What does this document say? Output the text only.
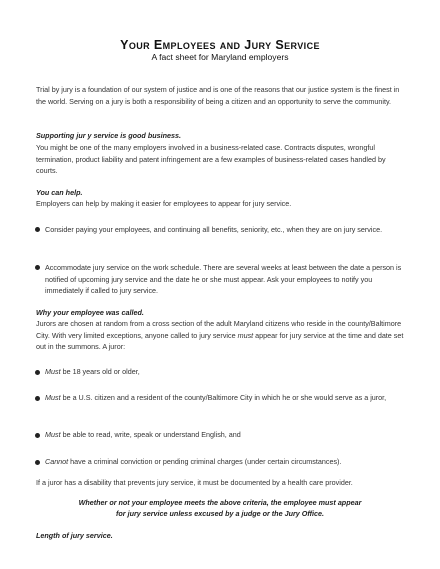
Your Employees and Jury Service
A fact sheet for Maryland employers

Trial by jury is a foundation of our system of justice and is one of the reasons that our justice system is the finest in the world. Serving on a jury is both a responsibility of being a citizen and an opportunity to serve the community.

Supporting jur y service is good business.

You might be one of the many employers involved in a business-related case. Contracts disputes, wrongful termination, product liability and patent infringement are a few examples of business-related cases handled by courts.

You can help.

Employers can help by making it easier for employees to appear for jury service.

Consider paying your employees, and continuing all benefits, seniority, etc., when they are on jury service.

Accommodate jury service on the work schedule. There are several weeks at least between the date a person is notified of upcoming jury service and the date he or she must appear. Ask your employees to notify you immediately if called to jury service.

Why your employee was called.

Jurors are chosen at random from a cross section of the adult Maryland citizens who reside in the county/Baltimore City. With very limited exceptions, anyone called to jury service must appear for jury service at the time and date set out in the summons. A juror:

Must be 18 years old or older,

Must be a U.S. citizen and a resident of the county/Baltimore City in which he or she would serve as a juror,

Must be able to read, write, speak or understand English, and

Cannot have a criminal conviction or pending criminal charges (under certain circumstances).

If a juror has a disability that prevents jury service, it must be documented by a health care provider.

Whether or not your employee meets the above criteria, the employee must appear
for jury service unless excused by a judge or the Jury Office.
Length of jury service.
